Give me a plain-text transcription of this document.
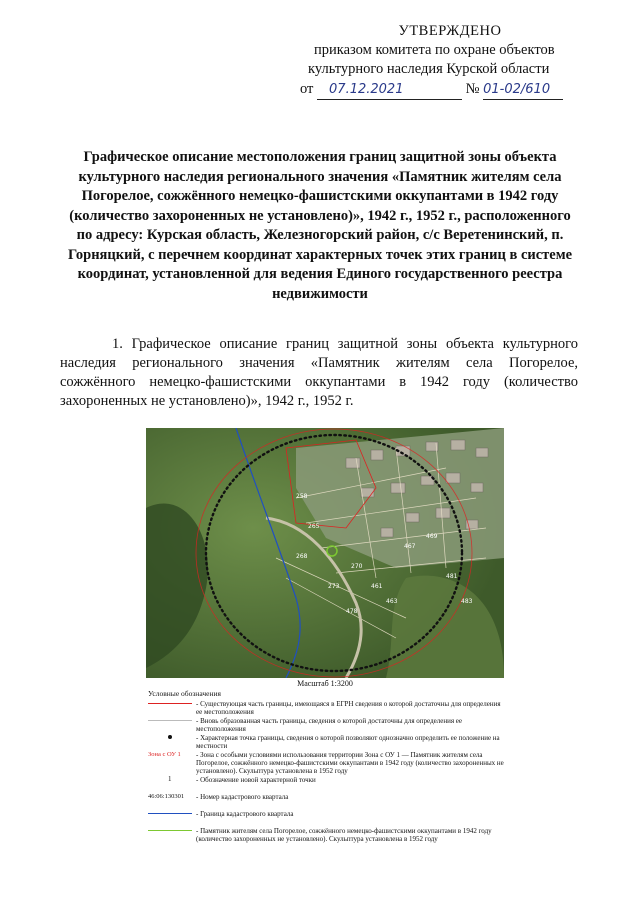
УТВЕРЖДЕНО
приказом комитета по охране объектов
культурного наследия Курской области
от 07.12.2021	№ 01-02/610
Графическое описание местоположения границ защитной зоны объекта культурного наследия регионального значения «Памятник жителям села Погорелое, сожжённого немецко-фашистскими оккупантами в 1942 году (количество захороненных не установлено)», 1942 г., 1952 г., расположенного по адресу: Курская область, Железногорский район, с/с Веретенинский, п. Горняцкий, с перечнем координат характерных точек этих границ в системе координат, установленной для ведения Единого государственного реестра недвижимости
1. Графическое описание границ защитной зоны объекта культурного наследия регионального значения «Памятник жителям села Погорелое, сожжённого немецко-фашистскими оккупантами в 1942 году (количество захороненных не установлено)», 1942 г., 1952 г.
258
265
268
273
270
461
463
467
469
481
483
478
Масштаб 1:3200
Условные обозначения
- Существующая часть границы, имеющаяся в ЕГРН сведения о которой достаточны для определения ее местоположения
- Вновь образованная часть границы, сведения о которой достаточны для определения ее местоположения
- Характерная точка границы, сведения о которой позволяют однозначно определить ее положение на местности
Зона с ОУ 1 - Зона с особыми условиями использования территории Зона с ОУ 1 — Памятник жителям села Погорелое, сожжённого немецко-фашистскими оккупантами в 1942 году (количество захороненных не установлено). Скульптура установлена в 1952 году
1	- Обозначение новой характерной точки
46:06:130301 - Номер кадастрового квартала
- Граница кадастрового квартала
- Памятник жителям села Погорелое, сожжённого немецко-фашистскими оккупантами в 1942 году (количество захороненных не установлено). Скульптура установлена в 1952 году
